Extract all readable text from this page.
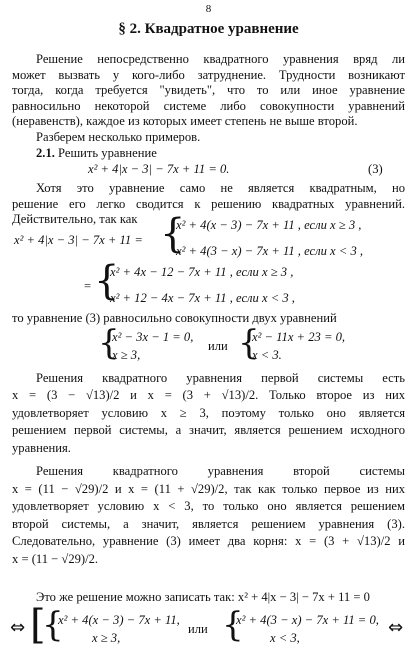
8
§ 2. Квадратное уравнение
Решение непосредственно квадратного уравнения вряд ли
может вызвать у кого-либо затруднение. Трудности возникают
тогда, когда требуется "увидеть", что то или иное уравнение
равносильно некоторой системе либо совокупности уравнений
(неравенств), каждое из которых имеет степень не выше второй.
Разберем несколько примеров.
2.1. Решить уравнение
x² + 4|x − 3| − 7x + 11 = 0.	(3)
Хотя это уравнение само не является квадратным, но
решение его легко сводится к решению квадратных уравнений.
Действительно, так как
x² + 4|x − 3| − 7x + 11 = {
x² + 4(x − 3) − 7x + 11 , если x ≥ 3 ,
x² + 4(3 − x) − 7x + 11 , если x < 3 ,
= {
x² + 4x − 12 − 7x + 11 , если x ≥ 3 ,
x² + 12 − 4x − 7x + 11 , если x < 3 ,
то уравнение (3) равносильно совокупности двух уравнений
{
x² − 3x − 1 = 0,
x ≥ 3,
или {
x² − 11x + 23 = 0,
x < 3.
Решения квадратного уравнения первой системы есть
x = (3 − √13)/2 и x = (3 + √13)/2. Только второе из них
удовлетворяет условию x ≥ 3, поэтому только оно является
решением первой системы, а значит, является решением исходного
уравнения.
Решения квадратного уравнения второй системы
x = (11 − √29)/2 и x = (11 + √29)/2, так как только первое из них
удовлетворяет условию x < 3, то только оно является решением
второй системы, а значит, является решением уравнения (3).
Следовательно, уравнение (3) имеет два корня: x = (3 + √13)/2 и
x = (11 − √29)/2.
Это же решение можно записать так: x² + 4|x − 3| − 7x + 11 = 0
⇔ [
{
x² + 4(x − 3) − 7x + 11,
x ≥ 3,
или {
x² + 4(3 − x) − 7x + 11 = 0,
x < 3,	⇔
